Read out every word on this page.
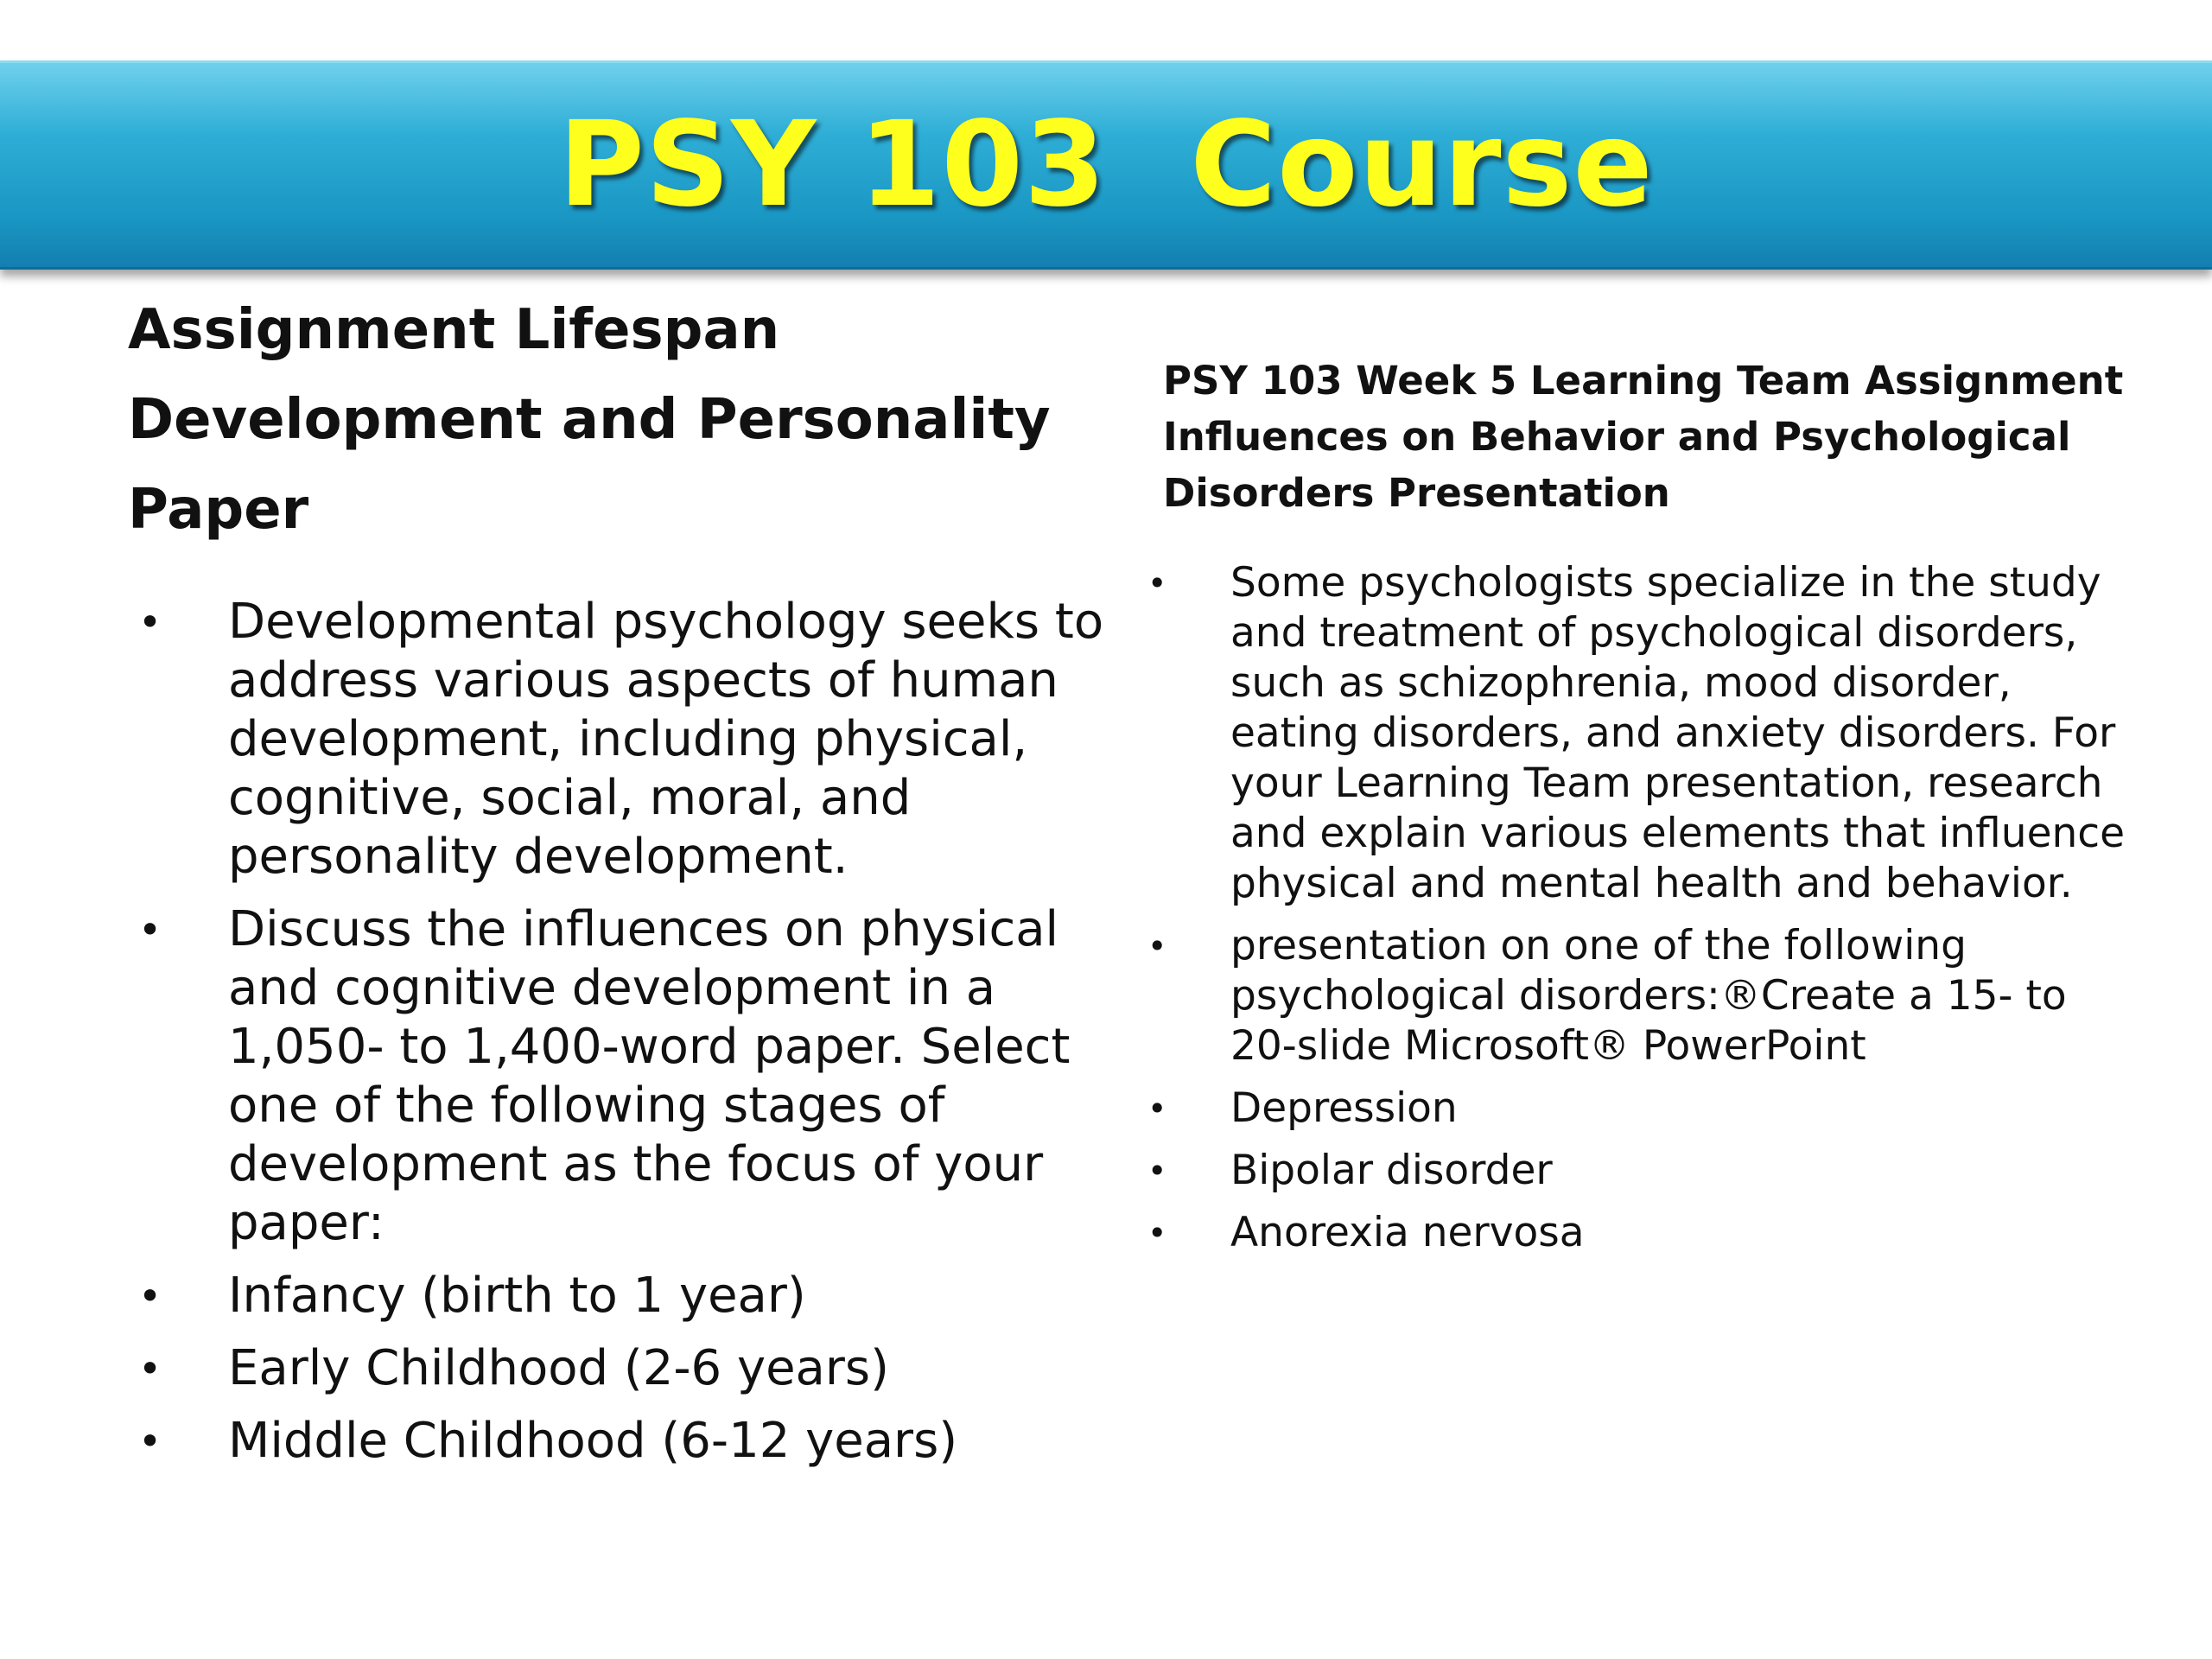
PSY 103  Course
Assignment Lifespan Development and Personality Paper
• Developmental psychology seeks to address various aspects of human development, including physical, cognitive, social, moral, and personality development.
• Discuss the influences on physical and cognitive development in a 1,050- to 1,400-word paper. Select one of the following stages of development as the focus of your paper:
• Infancy (birth to 1 year)
• Early Childhood (2-6 years)
• Middle Childhood (6-12 years)
PSY 103 Week 5 Learning Team Assignment Influences on Behavior and Psychological Disorders Presentation
• Some psychologists specialize in the study and treatment of psychological disorders, such as schizophrenia, mood disorder, eating disorders, and anxiety disorders. For your Learning Team presentation, research and explain various elements that influence physical and mental health and behavior.
• presentation on one of the following psychological disorders:®Create a 15- to 20-slide Microsoft® PowerPoint
• Depression
• Bipolar disorder
• Anorexia nervosa
